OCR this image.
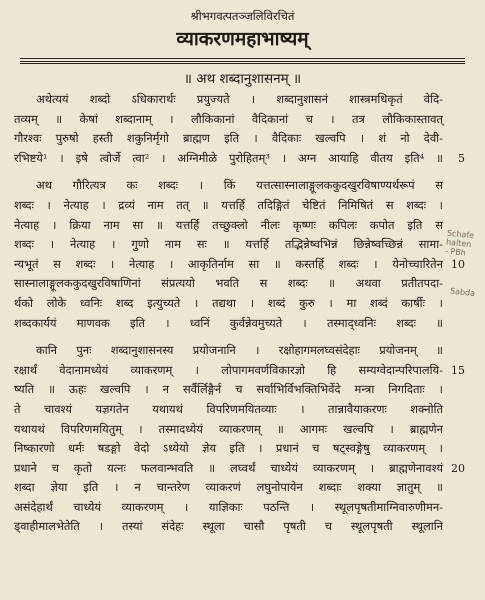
श्रीभगवत्पतञ्जलिविरचितं
व्याकरणमहाभाष्यम्
॥ अथ शब्दानुशासनम् ॥
अथेत्ययं शब्दो ऽधिकारार्थः प्रयुज्यते । शब्दानुशासनं शास्त्रमधिकृतं वेदि-
तव्यम् ॥ केषां शब्दानाम् । लौकिकानां वैदिकानां च । तत्र लौकिकास्तावत्
गौरश्वः पुरुषो हस्ती शकुनिर्मृगो ब्राह्मण इति । वैदिकाः खल्वपि । शं नो देवी-
रभिष्टये¹ । इषे त्वोर्जे त्वा² । अग्निमीळे पुरोहितम्³ । अग्न आयाहि वीतय इति⁴ ॥ 5
अथ गौरित्यत्र कः शब्दः । किं यत्तत्सास्नालाङ्गूलककुदखुरविषाण्यर्थरूपं स
शब्दः । नेत्याह । द्रव्यं नाम तत् ॥ यत्तर्हि तदिङ्गितं चेष्टितं निमिषितं स शब्दः ।
नेत्याह । क्रिया नाम सा ॥ यत्तर्हि तच्छुक्लो नीलः कृष्णः कपिलः कपोत इति स
शब्दः । नेत्याह । गुणो नाम सः ॥ यत्तर्हि तद्भिन्नेष्वभिन्नं छिन्नेष्वच्छिन्नं सामा-
न्यभूतं स शब्दः । नेत्याह । आकृतिर्नाम सा ॥ कस्तर्हि शब्दः । येनोच्चारितेन 10
सास्नालाङ्गूलककुदखुरविषाणिनां संप्रत्ययो भवति स शब्दः ॥ अथवा प्रतीतपदा-
र्थको लोके ध्वनिः शब्द इत्युच्यते । तद्यथा । शब्दं कुरु । मा शब्दं कार्षीः ।
शब्दकार्ययं माणवक इति । ध्वनिं कुर्वन्नेवमुच्यते । तस्माद्ध्वनिः शब्दः ॥
कानि पुनः शब्दानुशासनस्य प्रयोजनानि । रक्षोहागमलघ्वसंदेहाः प्रयोजनम् ॥
रक्षार्थं वेदानामध्येयं व्याकरणम् । लोपागमवर्णविकारज्ञो हि सम्यग्वेदान्परिपालयि- 15
ष्यति ॥ ऊहः खल्वपि । न सर्वैर्लिङ्गैर्न च सर्वाभिर्विभक्तिभिर्वेदे मन्त्रा निगदिताः ।
ते चावश्यं यज्ञगतेन यथायथं विपरिणमयितव्याः । तान्नावैयाकरणः शक्नोति
यथायथं विपरिणमयितुम् । तस्मादध्येयं व्याकरणम् ॥ आगमः खल्वपि । ब्राह्मणेन
निष्कारणो धर्मः षडङ्गो वेदो ऽध्येयो ज्ञेय इति । प्रधानं च षट्स्वङ्गेषु व्याकरणम् ।
प्रधाने च कृतो यत्नः फलवान्भवति ॥ लघ्वर्थं चाध्येयं व्याकरणम् । ब्राह्मणेनावश्यं 20
शब्दा ज्ञेया इति । न चान्तरेण व्याकरणं लघुनोपायेन शब्दाः शक्या ज्ञातुम् ॥
असंदेहार्थं चाध्येयं व्याकरणम् । याज्ञिकाः पठन्ति । स्थूलपृषतीमाग्निवारुणीमन-
ड्वाहीमालभेतेति । तस्यां संदेहः स्थूला चासौ पृषती च स्थूलपृषती स्थूलानि
Schafe
halten
- PBh
Sabda
